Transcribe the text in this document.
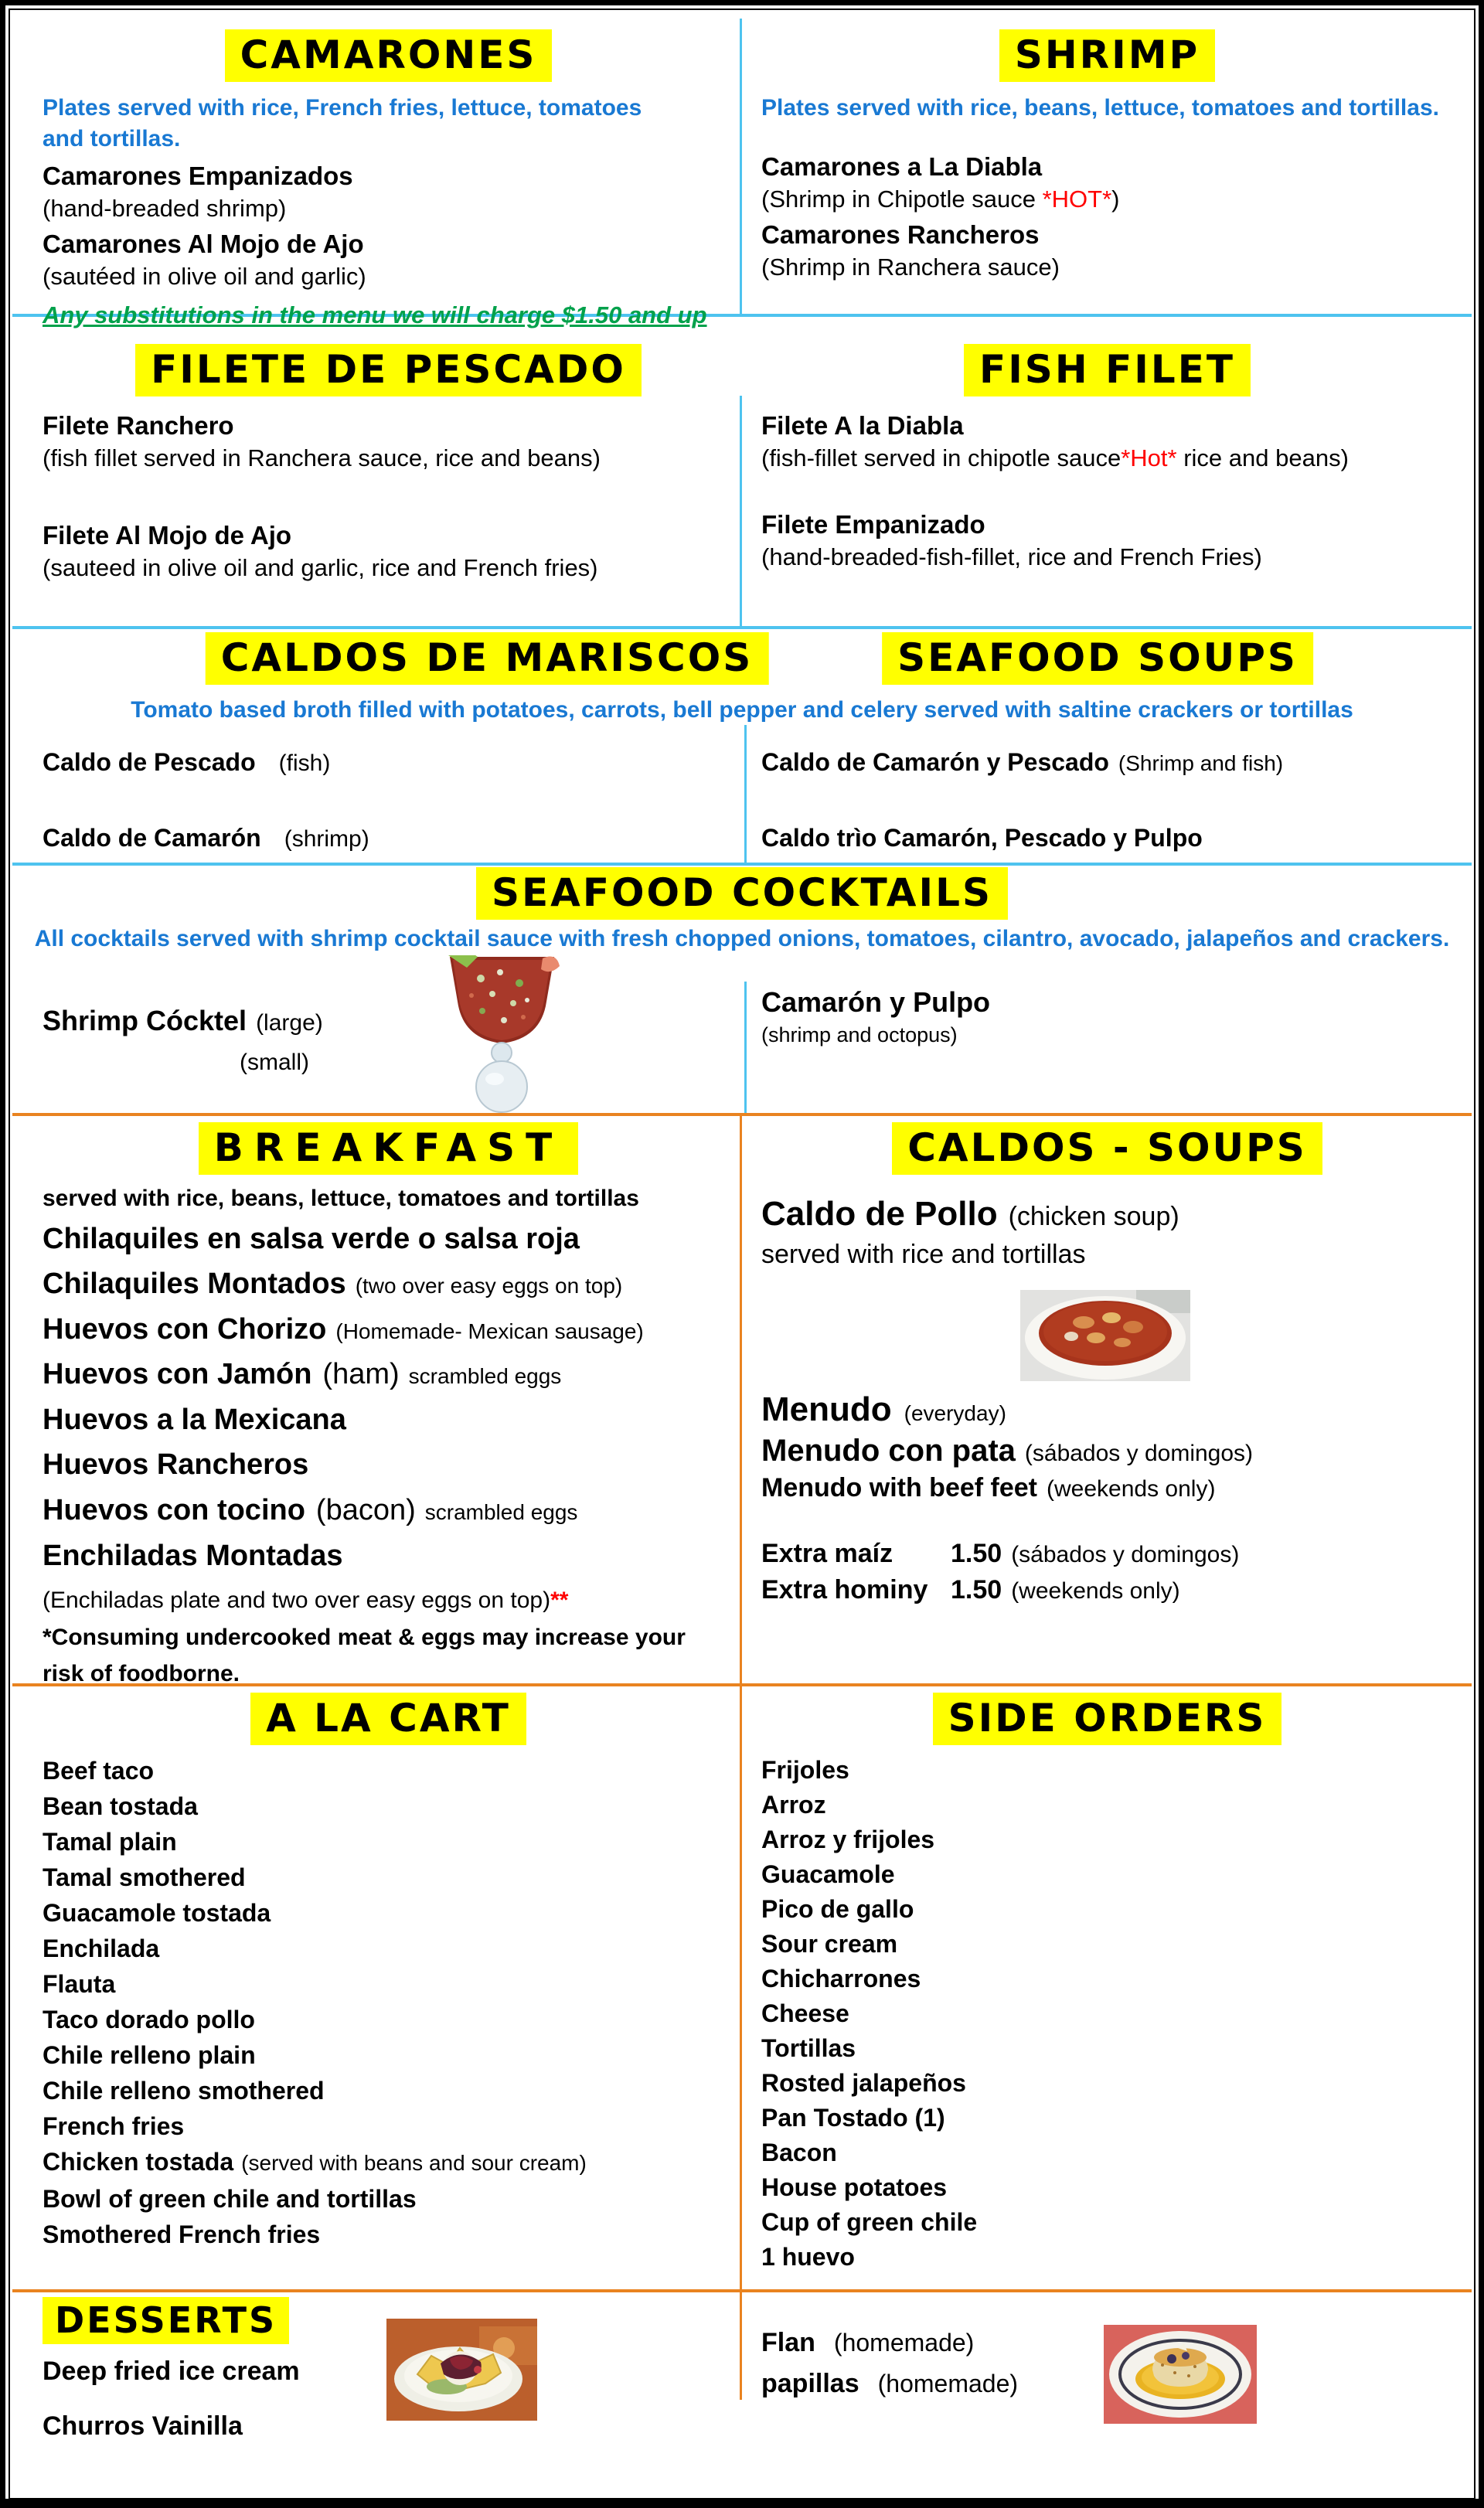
CAMARONES
Plates served with rice, French fries, lettuce, tomatoes and tortillas.
Camarones Empanizados
(hand-breaded shrimp)
Camarones Al Mojo de Ajo
(sautéed in olive oil and garlic)
Any substitutions in the menu we will charge $1.50 and up
SHRIMP
Plates served with rice, beans, lettuce, tomatoes and tortillas.
Camarones a La Diabla
(Shrimp in Chipotle sauce *HOT*)
Camarones Rancheros
(Shrimp in Ranchera sauce)
FILETE DE PESCADO
Filete Ranchero
(fish fillet served in Ranchera sauce, rice and beans)
Filete Al Mojo de Ajo
(sauteed in olive oil and garlic, rice and French fries)
FISH FILET
Filete A la Diabla
(fish-fillet served in chipotle sauce*Hot* rice and beans)
Filete Empanizado
(hand-breaded-fish-fillet, rice and French Fries)
CALDOS DE MARISCOS	SEAFOOD SOUPS
Tomato based broth filled with potatoes, carrots, bell pepper and celery served with saltine crackers or tortillas
Caldo de Pescado (fish)
Caldo de Camarón (shrimp)
Caldo de Camarón y Pescado (Shrimp and fish)
Caldo trìo Camarón, Pescado y Pulpo
SEAFOOD COCKTAILS
All cocktails served with shrimp cocktail sauce with fresh chopped onions, tomatoes, cilantro, avocado, jalapeños and crackers.
Shrimp Cócktel (large)
(small)
Camarón y Pulpo
(shrimp and octopus)
BREAKFAST
served with rice, beans, lettuce, tomatoes and tortillas
Chilaquiles en salsa verde o salsa roja
Chilaquiles Montados (two over easy eggs on top)
Huevos con Chorizo (Homemade- Mexican sausage)
Huevos con Jamón (ham) scrambled eggs
Huevos a la Mexicana
Huevos Rancheros
Huevos con tocino (bacon) scrambled eggs
Enchiladas Montadas
(Enchiladas plate and two over easy eggs on top)**
*Consuming undercooked meat & eggs may increase your risk of foodborne.
CALDOS - SOUPS
Caldo de Pollo (chicken soup)
served with rice and tortillas
Menudo (everyday)
Menudo con pata (sábados y domingos)
Menudo with beef feet (weekends only)
Extra maíz 1.50 (sábados y domingos)
Extra hominy 1.50 (weekends only)
A LA CART
Beef taco
Bean tostada
Tamal plain
Tamal smothered
Guacamole tostada
Enchilada
Flauta
Taco dorado pollo
Chile relleno plain
Chile relleno smothered
French fries
Chicken tostada (served with beans and sour cream)
Bowl of green chile and tortillas
Smothered French fries
SIDE ORDERS
Frijoles
Arroz
Arroz y frijoles
Guacamole
Pico de gallo
Sour cream
Chicharrones
Cheese
Tortillas
Rosted jalapeños
Pan Tostado (1)
Bacon
House potatoes
Cup of green chile
1 huevo
DESSERTS
Deep fried ice cream
Churros Vainilla
Flan (homemade)
papillas (homemade)
